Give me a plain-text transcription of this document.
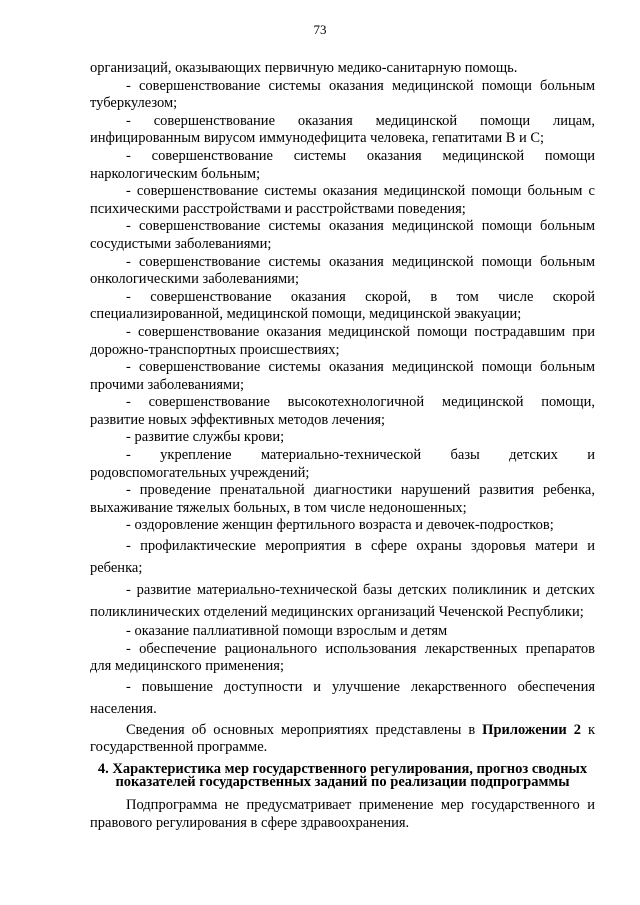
73

организаций, оказывающих первичную медико-санитарную помощь.

- совершенствование системы оказания медицинской помощи больным туберкулезом;

- совершенствование оказания медицинской помощи лицам, инфицированным вирусом иммунодефицита человека, гепатитами В и С;

- совершенствование системы оказания медицинской помощи наркологическим больным;

- совершенствование системы оказания медицинской помощи больным с психическими расстройствами и расстройствами поведения;

- совершенствование системы оказания медицинской помощи больным сосудистыми заболеваниями;

- совершенствование системы оказания медицинской помощи больным онкологическими заболеваниями;

- совершенствование оказания скорой, в том числе скорой специализированной, медицинской помощи, медицинской эвакуации;

- совершенствование оказания медицинской помощи пострадавшим при дорожно-транспортных происшествиях;

- совершенствование системы оказания медицинской помощи больным прочими заболеваниями;

- совершенствование высокотехнологичной медицинской помощи, развитие новых эффективных методов лечения;

- развитие службы крови;

- укрепление материально-технической базы детских и родовспомогательных учреждений;

- проведение пренатальной диагностики нарушений развития ребенка, выхаживание тяжелых больных, в том числе недоношенных;

- оздоровление женщин фертильного возраста и девочек-подростков;

- профилактические мероприятия в сфере охраны здоровья матери и ребенка;

- развитие материально-технической базы детских поликлиник и детских поликлинических отделений медицинских организаций Чеченской Республики;

- оказание паллиативной помощи взрослым и детям

- обеспечение рационального использования лекарственных препаратов для медицинского применения;

- повышение доступности и улучшение лекарственного обеспечения населения.

Сведения об основных мероприятиях представлены в Приложении 2 к государственной программе.

4. Характеристика мер государственного регулирования, прогноз сводных показателей государственных заданий по реализации подпрограммы

Подпрограмма не предусматривает применение мер государственного и правового регулирования в сфере здравоохранения.
